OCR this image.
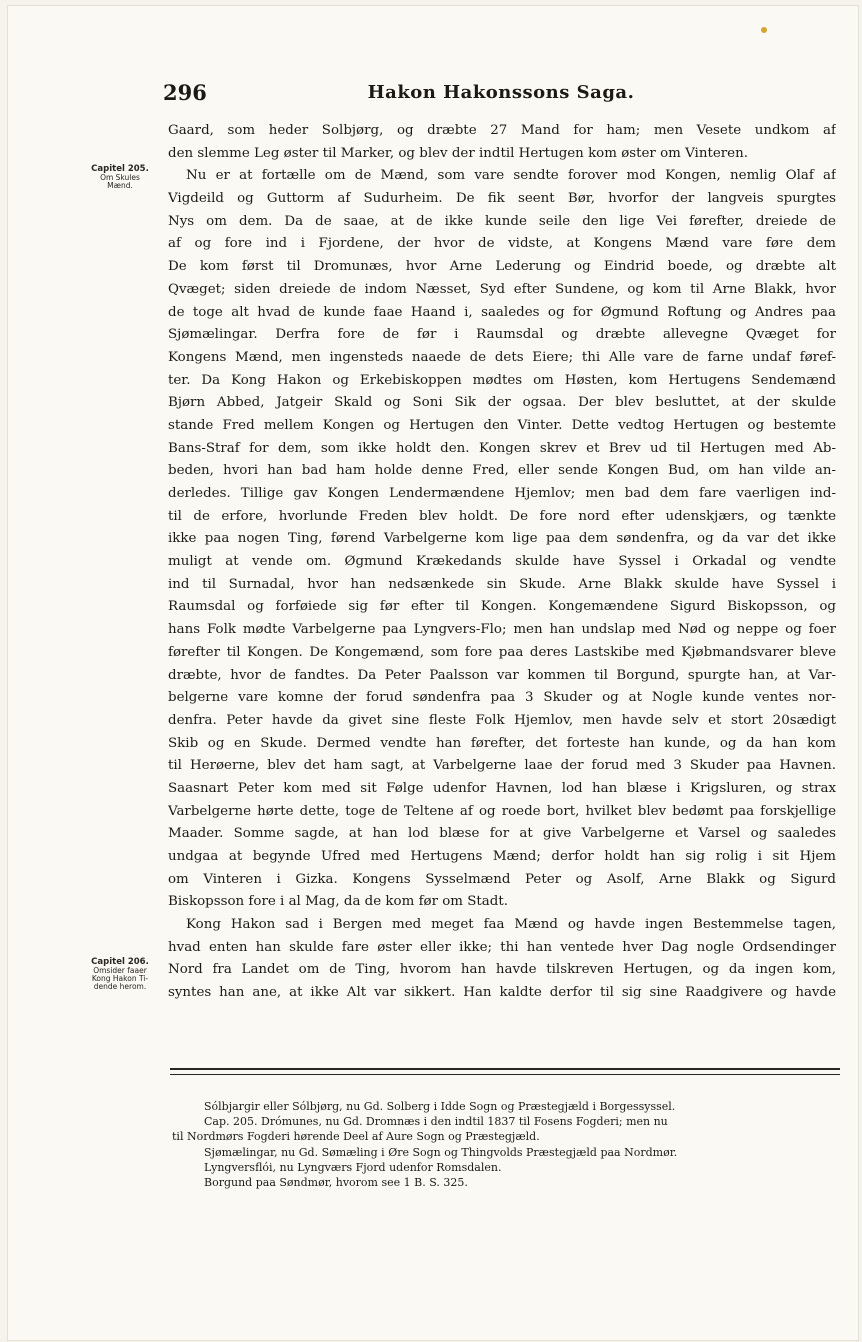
296	Hakon Hakonssons Saga.
Capitel 205.
Om Skules
Mænd.
Capitel 206.
Omsider faaer
Kong Hakon Ti-
dende herom.
Gaard, som heder Solbjørg, og dræbte 27 Mand for ham; men Vesete undkom af
den slemme Leg øster til Marker, og blev der indtil Hertugen kom øster om Vinteren.
Nu er at fortælle om de Mænd, som vare sendte forover mod Kongen, nemlig Olaf af
Vigdeild og Guttorm af Sudurheim. De fik seent Bør, hvorfor der langveis spurgtes
Nys om dem. Da de saae, at de ikke kunde seile den lige Vei førefter, dreiede de
af og fore ind i Fjordene, der hvor de vidste, at Kongens Mænd vare føre dem
De kom først til Dromunæs, hvor Arne Lederung og Eindrid boede, og dræbte alt
Qvæget; siden dreiede de indom Næsset, Syd efter Sundene, og kom til Arne Blakk, hvor
de toge alt hvad de kunde faae Haand i, saaledes og for Øgmund Roftung og Andres paa
Sjømælingar. Derfra fore de før i Raumsdal og dræbte allevegne Qvæget for
Kongens Mænd, men ingensteds naaede de dets Eiere; thi Alle vare de farne undaf føref-
ter. Da Kong Hakon og Erkebiskoppen mødtes om Høsten, kom Hertugens Sendemænd
Bjørn Abbed, Jatgeir Skald og Soni Sik der ogsaa. Der blev besluttet, at der skulde
stande Fred mellem Kongen og Hertugen den Vinter. Dette vedtog Hertugen og bestemte
Bans-Straf for dem, som ikke holdt den. Kongen skrev et Brev ud til Hertugen med Ab-
beden, hvori han bad ham holde denne Fred, eller sende Kongen Bud, om han vilde an-
derledes. Tillige gav Kongen Lendermændene Hjemlov; men bad dem fare vaerligen ind-
til de erfore, hvorlunde Freden blev holdt. De fore nord efter udenskjærs, og tænkte
ikke paa nogen Ting, førend Varbelgerne kom lige paa dem søndenfra, og da var det ikke
muligt at vende om. Øgmund Krækedands skulde have Syssel i Orkadal og vendte
ind til Surnadal, hvor han nedsænkede sin Skude. Arne Blakk skulde have Syssel i
Raumsdal og forføiede sig før efter til Kongen. Kongemændene Sigurd Biskopsson, og
hans Folk mødte Varbelgerne paa Lyngvers-Flo; men han undslap med Nød og neppe og foer
førefter til Kongen. De Kongemænd, som fore paa deres Lastskibe med Kjøbmandsvarer bleve
dræbte, hvor de fandtes. Da Peter Paalsson var kommen til Borgund, spurgte han, at Var-
belgerne vare komne der forud søndenfra paa 3 Skuder og at Nogle kunde ventes nor-
denfra. Peter havde da givet sine fleste Folk Hjemlov, men havde selv et stort 20sædigt
Skib og en Skude. Dermed vendte han førefter, det forteste han kunde, og da han kom
til Herøerne, blev det ham sagt, at Varbelgerne laae der forud med 3 Skuder paa Havnen.
Saasnart Peter kom med sit Følge udenfor Havnen, lod han blæse i Krigsluren, og strax
Varbelgerne hørte dette, toge de Teltene af og roede bort, hvilket blev bedømt paa forskjellige
Maader. Somme sagde, at han lod blæse for at give Varbelgerne et Varsel og saaledes
undgaa at begynde Ufred med Hertugens Mænd; derfor holdt han sig rolig i sit Hjem
om Vinteren i Gizka. Kongens Sysselmænd Peter og Asolf, Arne Blakk og Sigurd
Biskopsson fore i al Mag, da de kom før om Stadt.
Kong Hakon sad i Bergen med meget faa Mænd og havde ingen Bestemmelse tagen,
hvad enten han skulde fare øster eller ikke; thi han ventede hver Dag nogle Ordsendinger
Nord fra Landet om de Ting, hvorom han havde tilskreven Hertugen, og da ingen kom,
syntes han ane, at ikke Alt var sikkert. Han kaldte derfor til sig sine Raadgivere og havde
Sólbjargir eller Sólbjørg, nu Gd. Solberg i Idde Sogn og Præstegjæld i Borgessyssel.
Cap. 205. Drómunes, nu Gd. Dromnæs i den indtil 1837 til Fosens Fogderi; men nu
til Nordmørs Fogderi hørende Deel af Aure Sogn og Præstegjæld.
Sjømælingar, nu Gd. Sømæling i Øre Sogn og Thingvolds Præstegjæld paa Nordmør.
Lyngversflói, nu Lyngværs Fjord udenfor Romsdalen.
Borgund paa Søndmør, hvorom see 1 B. S. 325.
